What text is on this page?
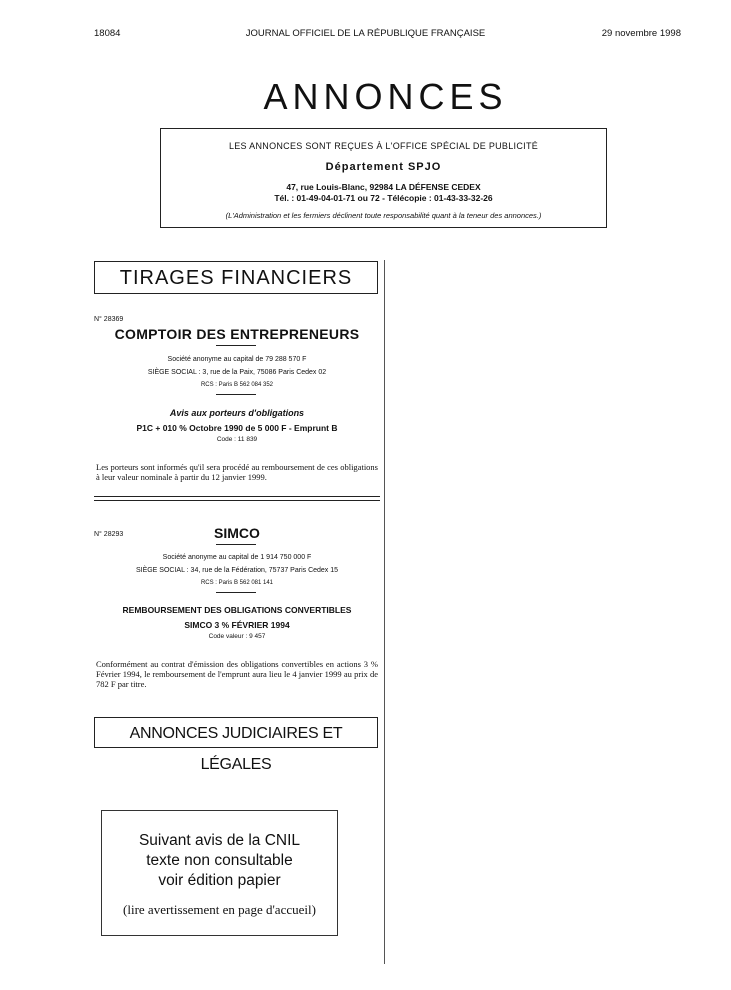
18084	JOURNAL OFFICIEL DE LA RÉPUBLIQUE FRANÇAISE	29 novembre 1998
ANNONCES
LES ANNONCES SONT REÇUES À L'OFFICE SPÉCIAL DE PUBLICITÉ
Département SPJO
47, rue Louis-Blanc, 92984 LA DÉFENSE CEDEX
Tél. : 01-49-04-01-71 ou 72 - Télécopie : 01-43-33-32-26
(L'Administration et les fermiers déclinent toute responsabilité quant à la teneur des annonces.)
TIRAGES FINANCIERS
N° 28369
COMPTOIR DES ENTREPRENEURS
Société anonyme au capital de 79 288 570 F
SIÈGE SOCIAL : 3, rue de la Paix, 75086 Paris Cedex 02
RCS : Paris B 562 084 352
Avis aux porteurs d'obligations
P1C + 010 % Octobre 1990 de 5 000 F - Emprunt B
Code : 11 839
Les porteurs sont informés qu'il sera procédé au remboursement de ces obligations à leur valeur nominale à partir du 12 janvier 1999.
N° 28293	SIMCO
Société anonyme au capital de 1 914 750 000 F
SIÈGE SOCIAL : 34, rue de la Fédération, 75737 Paris Cedex 15
RCS : Paris B 562 081 141
REMBOURSEMENT DES OBLIGATIONS CONVERTIBLES
SIMCO 3 % FÉVRIER 1994
Code valeur : 9 457
Conformément au contrat d'émission des obligations convertibles en actions 3 % Février 1994, le remboursement de l'emprunt aura lieu le 4 janvier 1999 au prix de 782 F par titre.
ANNONCES JUDICIAIRES ET LÉGALES
Suivant avis de la CNIL
texte non consultable
voir édition papier
(lire avertissement en page d'accueil)
